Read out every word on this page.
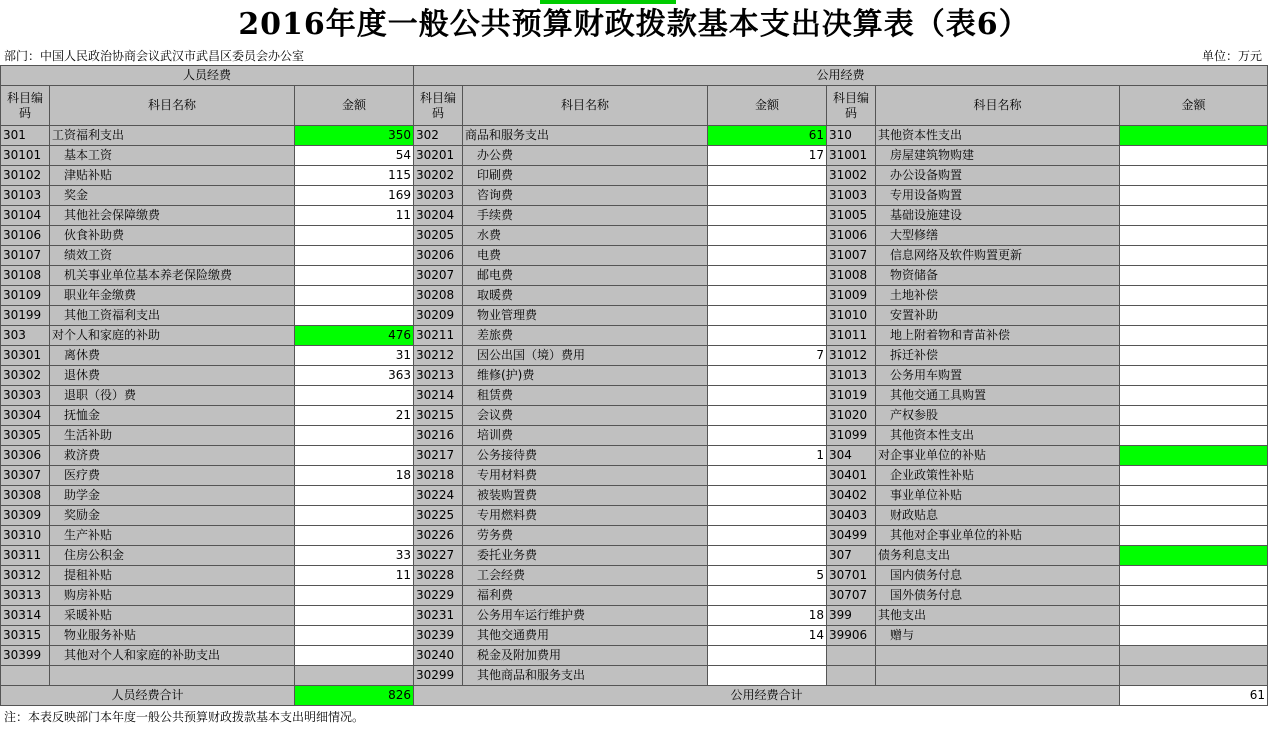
2016年度一般公共预算财政拨款基本支出决算表（表6）
部门：中国人民政治协商会议武汉市武昌区委员会办公室	单位：万元
人员经费			公用经费					
科目编码	科目名称	金额	科目编码	科目名称	金额	科目编码	科目名称	金额
301	工资福利支出	350	302	商品和服务支出	61	310	其他资本性支出	
30101	基本工资	54	30201	办公费	17	31001	房屋建筑物购建	
30102	津贴补贴	115	30202	印刷费		31002	办公设备购置	
30103	奖金	169	30203	咨询费		31003	专用设备购置	
30104	其他社会保障缴费	11	30204	手续费		31005	基础设施建设	
30106	伙食补助费		30205	水费		31006	大型修缮	
30107	绩效工资		30206	电费		31007	信息网络及软件购置更新	
30108	机关事业单位基本养老保险缴费		30207	邮电费		31008	物资储备	
30109	职业年金缴费		30208	取暖费		31009	土地补偿	
30199	其他工资福利支出		30209	物业管理费		31010	安置补助	
303	对个人和家庭的补助	476	30211	差旅费		31011	地上附着物和青苗补偿	
30301	离休费	31	30212	因公出国（境）费用	7	31012	拆迁补偿	
30302	退休费	363	30213	维修(护)费		31013	公务用车购置	
30303	退职（役）费		30214	租赁费		31019	其他交通工具购置	
30304	抚恤金	21	30215	会议费		31020	产权参股	
30305	生活补助		30216	培训费		31099	其他资本性支出	
30306	救济费		30217	公务接待费	1	304	对企事业单位的补贴	
30307	医疗费	18	30218	专用材料费		30401	企业政策性补贴	
30308	助学金		30224	被装购置费		30402	事业单位补贴	
30309	奖励金		30225	专用燃料费		30403	财政贴息	
30310	生产补贴		30226	劳务费		30499	其他对企事业单位的补贴	
30311	住房公积金	33	30227	委托业务费		307	债务利息支出	
30312	提租补贴	11	30228	工会经费	5	30701	国内债务付息	
30313	购房补贴		30229	福利费		30707	国外债务付息	
30314	采暖补贴		30231	公务用车运行维护费	18	399	其他支出	
30315	物业服务补贴		30239	其他交通费用	14	39906	赠与	
30399	其他对个人和家庭的补助支出		30240	税金及附加费用				
			30299	其他商品和服务支出				
人员经费合计		826	公用经费合计					61
注：本表反映部门本年度一般公共预算财政拨款基本支出明细情况。
